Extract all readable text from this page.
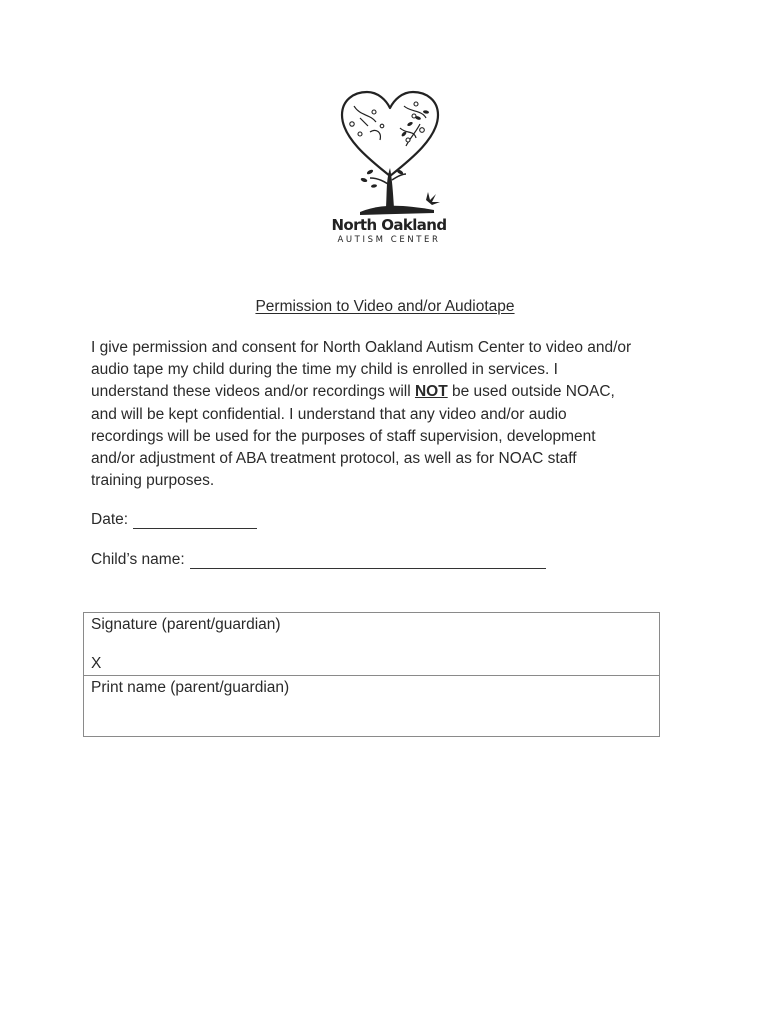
North Oakland
AUTISM CENTER
Permission to Video and/or Audiotape

I give permission and consent for North Oakland Autism Center to video and/or
audio tape my child during the time my child is enrolled in services. I
understand these videos and/or recordings will NOT be used outside NOAC,
and will be kept confidential. I understand that any video and/or audio
recordings will be used for the purposes of staff supervision, development
and/or adjustment of ABA treatment protocol, as well as for NOAC staff
training purposes.

Date:
Child’s name:
Signature (parent/guardian)
X
Print name (parent/guardian)
